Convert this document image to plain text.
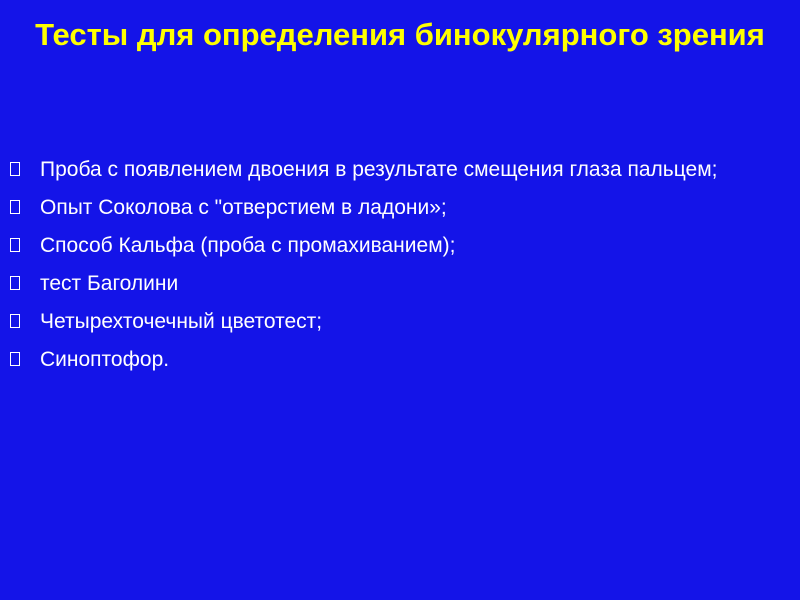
Тесты для определения бинокулярного зрения
Проба с появлением двоения в результате смещения глаза пальцем;
Опыт Соколова с "отверстием в ладони»;
Способ Кальфа (проба с промахиванием);
тест Баголини
Четырехточечный цветотест;
Синоптофор.
